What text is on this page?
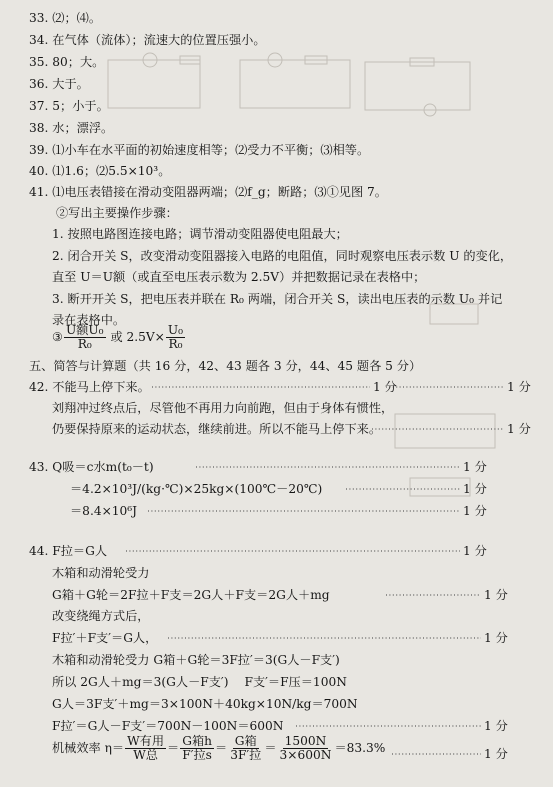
33. ⑵；⑷。
34. 在气体（流体）；流速大的位置压强小。
35. 80；大。
36. 大于。
37. 5；小于。
38. 水；漂浮。
39. ⑴小车在水平面的初始速度相等；⑵受力不平衡；⑶相等。
40. ⑴1.6；⑵5.5×10³。
41. ⑴电压表错接在滑动变阻器两端；⑵f_g；断路；⑶①见图 7。
②写出主要操作步骤：
1. 按照电路图连接电路；调节滑动变阻器使电阻最大；
2. 闭合开关 S，改变滑动变阻器接入电路的电阻值，同时观察电压表示数 U 的变化，
直至 U＝U额（或直至电压表示数为 2.5V）并把数据记录在表格中；
3. 断开开关 S，把电压表并联在 R₀ 两端，闭合开关 S，读出电压表的示数 U₀ 并记
录在表格中。
五、简答与计算题（共 16 分，42、43 题各 3 分，44、45 题各 5 分）
42. 不能马上停下来。
刘翔冲过终点后，尽管他不再用力向前跑，但由于身体有惯性，
仍要保持原来的运动状态，继续前进。所以不能马上停下来。
43. Q吸＝c水m(t₀－t)
＝4.2×10³J/(kg·℃)×25kg×(100℃－20℃)
＝8.4×10⁶J
44. F拉＝G人
木箱和动滑轮受力
G箱＋G轮＝2F拉＋F支＝2G人＋F支＝2G人＋mg
改变绕绳方式后，
F拉′＋F支′＝G人，
木箱和动滑轮受力 G箱＋G轮＝3F拉′＝3(G人－F支′)
所以 2G人＋mg＝3(G人－F支′)　 F支′＝F压＝100N
G人＝3F支′＋mg＝3×100N＋40kg×10N/kg＝700N
F拉′＝G人－F支′＝700N－100N＝600N
③ $\frac{\text{U额U₀}}{\text{R₀}}$ 或 $2.5V\times \frac{\text{U₀}}{\text{R₀}}$
机械效率 $\eta= \frac{\text{W有用}}{\text{W总}} = \frac{\text{G箱h}}{\text{F′拉s}} = \frac{\text{G箱}}{\text{3F′拉}} = \frac{1500N}{3\times 600N} =83.3\%$
1 分	1 分
1 分
1 分
1 分
1 分
1 分
1 分
1 分
1 分
1 分
